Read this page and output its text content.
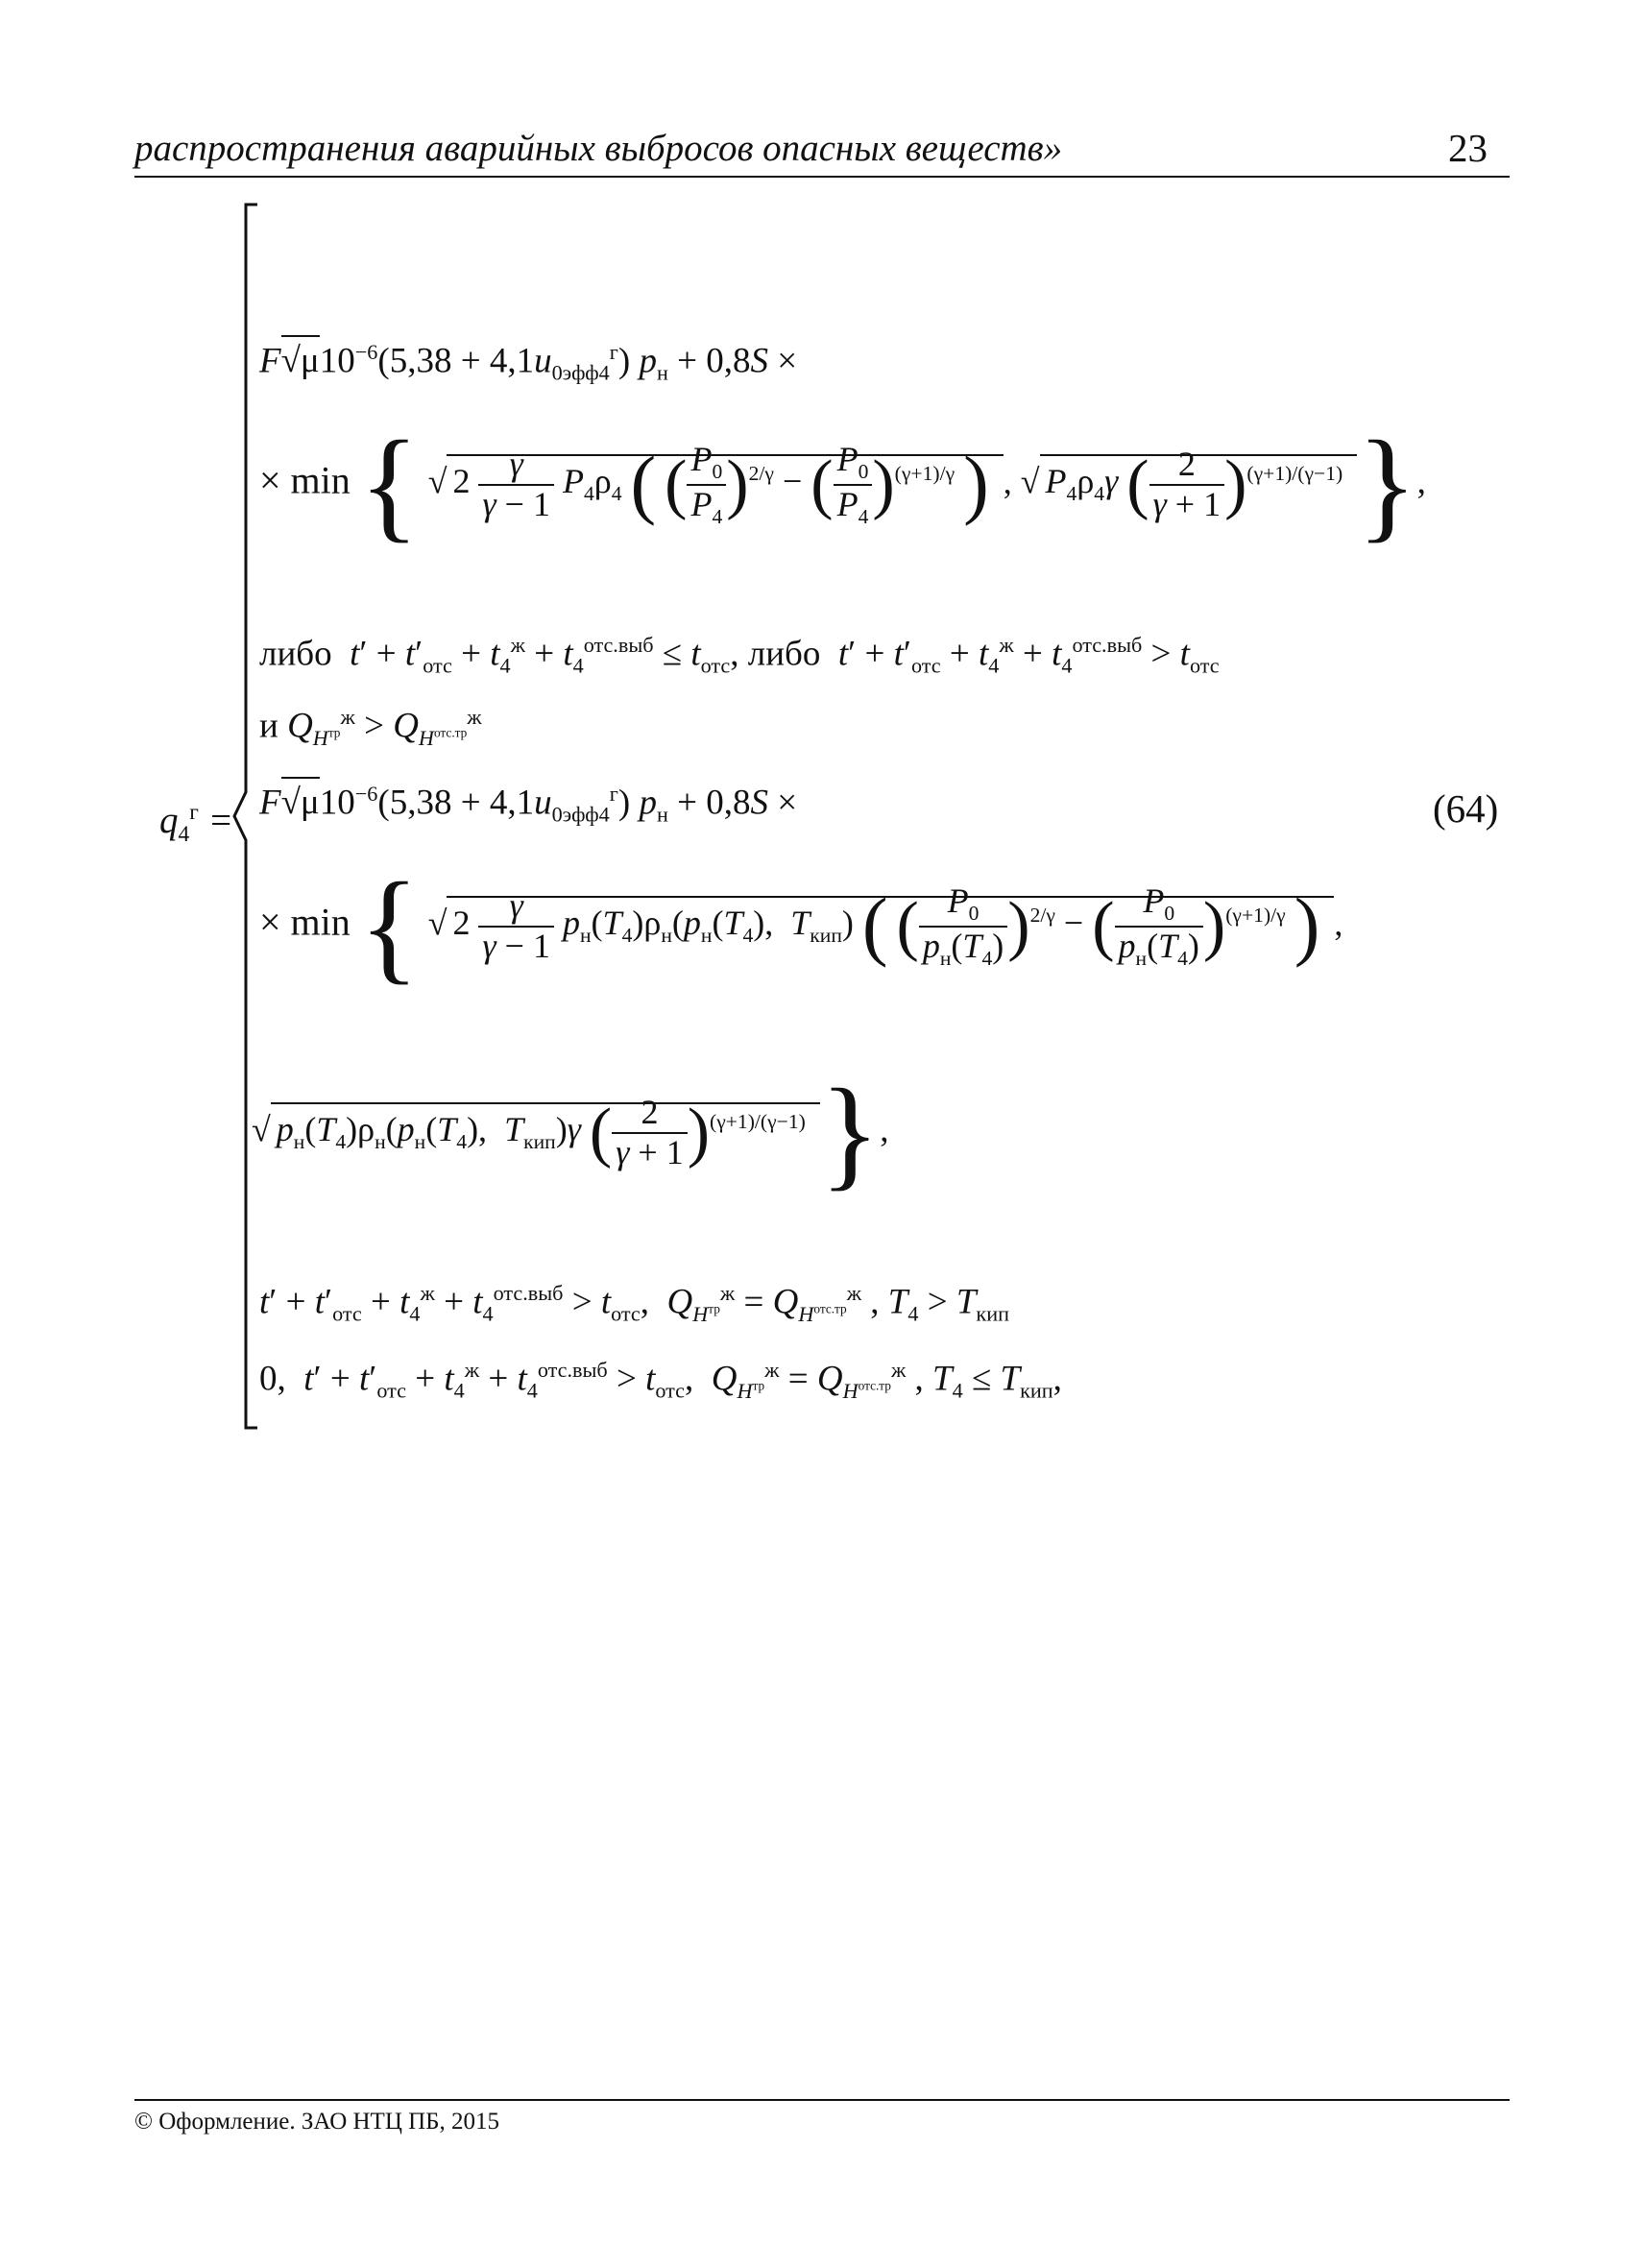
распространения аварийных выбросов опасных веществ»	23
$q_4^г$ =	(64)
$F√\mu 10^{-6}(5,38 + 4,1u_{0эфф4}^г) p_н + 0,8S$ ×
× min { √ $2 \frac{\gamma}{\gamma - 1} P_4\rho_4$ ( ( $\frac{P_0}{P_4} )^{2/\gamma}$ − ( $\frac{P_0}{P_4} )^{(\gamma+1)/\gamma}$ ) , √ $P_4\rho_4\gamma$ ( $\frac{2}{\gamma + 1} )^{(\gamma+1)/(\gamma-1)}$ },
либо  $t' + t'_{отс} + t_4^ж + t_4^{отс.выб} \le t_{отс}$, либо  $t' + t'_{отс} + t_4^ж + t_4^{отс.выб} > t_{отс}$
и $Q_{H^{тр}}^ж > Q_{H^{отс.тр}}^ж$
$F√\mu 10^{-6}(5,38 + 4,1u_{0эфф4}^г) p_н + 0,8S$ ×
× min { √ $2 \frac{\gamma}{\gamma - 1} p_н(T_4)\rho_н(p_н(T_4)$,  $T_{кип}$) ( ( $\frac{P_0}{p_н(T_4)} )^{2/\gamma}$ − ( $\frac{P_0}{p_н(T_4)} )^{(\gamma+1)/\gamma}$ ) ,
√ $p_н(T_4)\rho_н(p_н(T_4)$,  $T_{кип})\gamma$ ( $\frac{2}{\gamma + 1} )^{(\gamma+1)/(\gamma-1)}$ },
$t' + t'_{отс} + t_4^ж + t_4^{отс.выб} > t_{отс}$,  $Q_{H^{тр}}^ж = Q_{H^{отс.тр}}^ж$ , $T_4 > T_{кип}$
0,  $t' + t'_{отс} + t_4^ж + t_4^{отс.выб} > t_{отс}$,  $Q_{H^{тр}}^ж = Q_{H^{отс.тр}}^ж$ , $T_4 \le T_{кип}$,
© Оформление. ЗАО НТЦ ПБ, 2015
